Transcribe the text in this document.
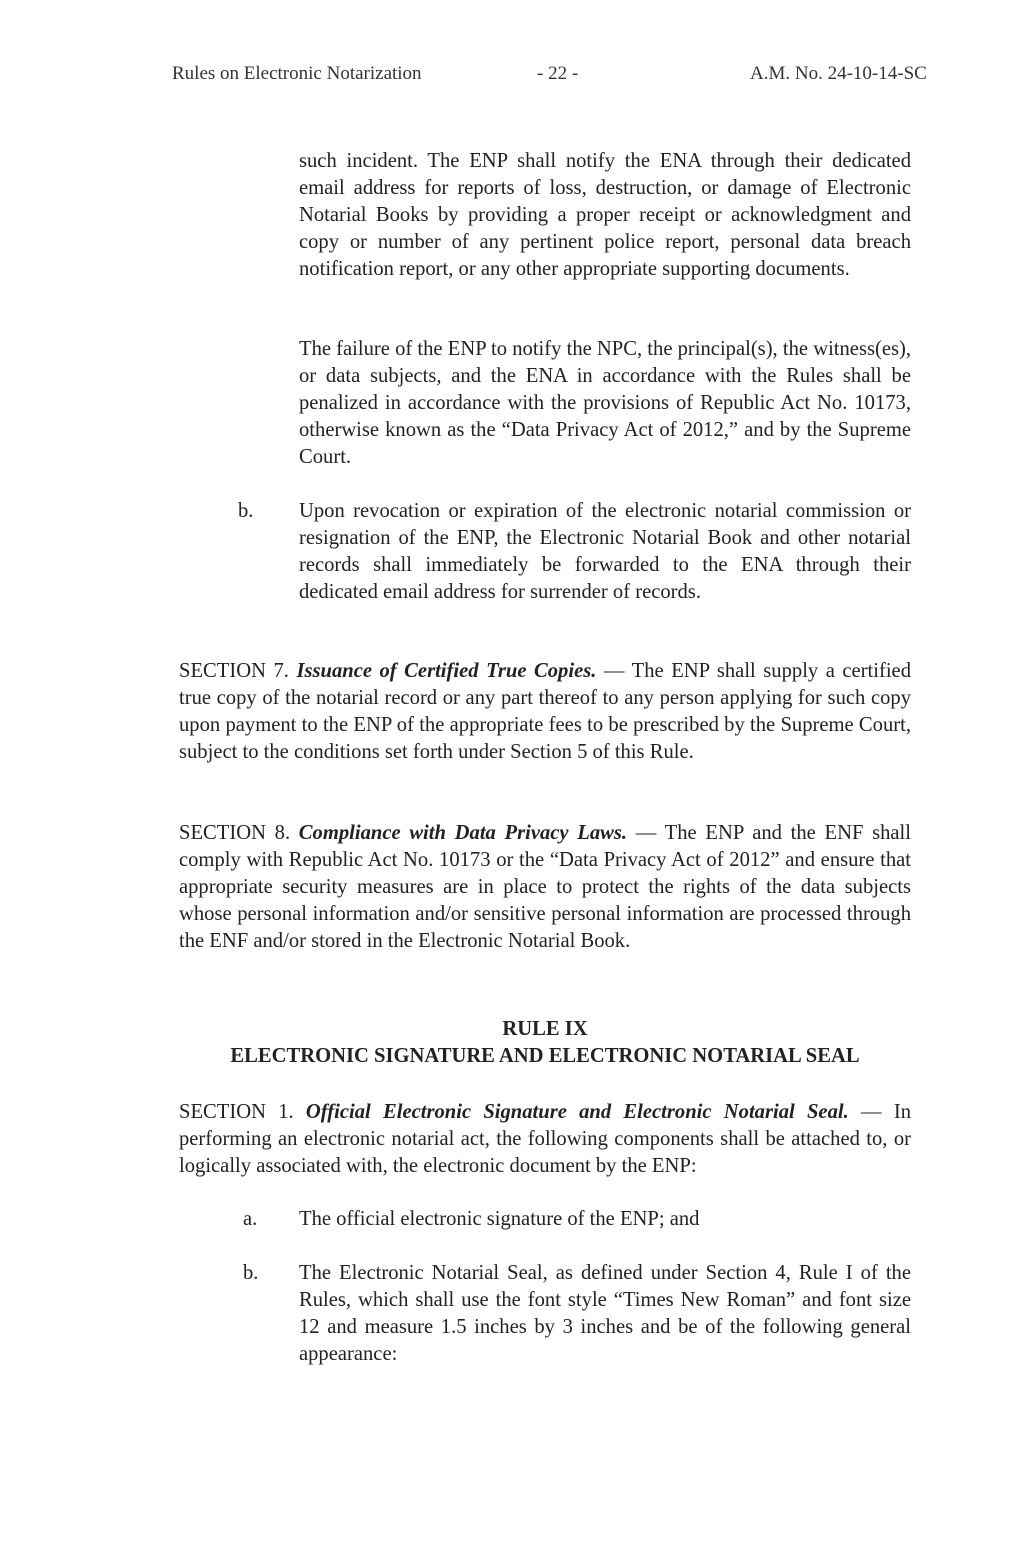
Rules on Electronic Notarization	- 22 -	A.M. No. 24-10-14-SC

such incident. The ENP shall notify the ENA through their dedicated email address for reports of loss, destruction, or damage of Electronic Notarial Books by providing a proper receipt or acknowledgment and copy or number of any pertinent police report, personal data breach notification report, or any other appropriate supporting documents.

The failure of the ENP to notify the NPC, the principal(s), the witness(es), or data subjects, and the ENA in accordance with the Rules shall be penalized in accordance with the provisions of Republic Act No. 10173, otherwise known as the “Data Privacy Act of 2012,” and by the Supreme Court.

b. Upon revocation or expiration of the electronic notarial commission or resignation of the ENP, the Electronic Notarial Book and other notarial records shall immediately be forwarded to the ENA through their dedicated email address for surrender of records.

SECTION 7. Issuance of Certified True Copies. — The ENP shall supply a certified true copy of the notarial record or any part thereof to any person applying for such copy upon payment to the ENP of the appropriate fees to be prescribed by the Supreme Court, subject to the conditions set forth under Section 5 of this Rule.

SECTION 8. Compliance with Data Privacy Laws. — The ENP and the ENF shall comply with Republic Act No. 10173 or the “Data Privacy Act of 2012” and ensure that appropriate security measures are in place to protect the rights of the data subjects whose personal information and/or sensitive personal information are processed through the ENF and/or stored in the Electronic Notarial Book.

RULE IX
ELECTRONIC SIGNATURE AND ELECTRONIC NOTARIAL SEAL

SECTION 1. Official Electronic Signature and Electronic Notarial Seal. — In performing an electronic notarial act, the following components shall be attached to, or logically associated with, the electronic document by the ENP:

a. The official electronic signature of the ENP; and

b. The Electronic Notarial Seal, as defined under Section 4, Rule I of the Rules, which shall use the font style “Times New Roman” and font size 12 and measure 1.5 inches by 3 inches and be of the following general appearance:
